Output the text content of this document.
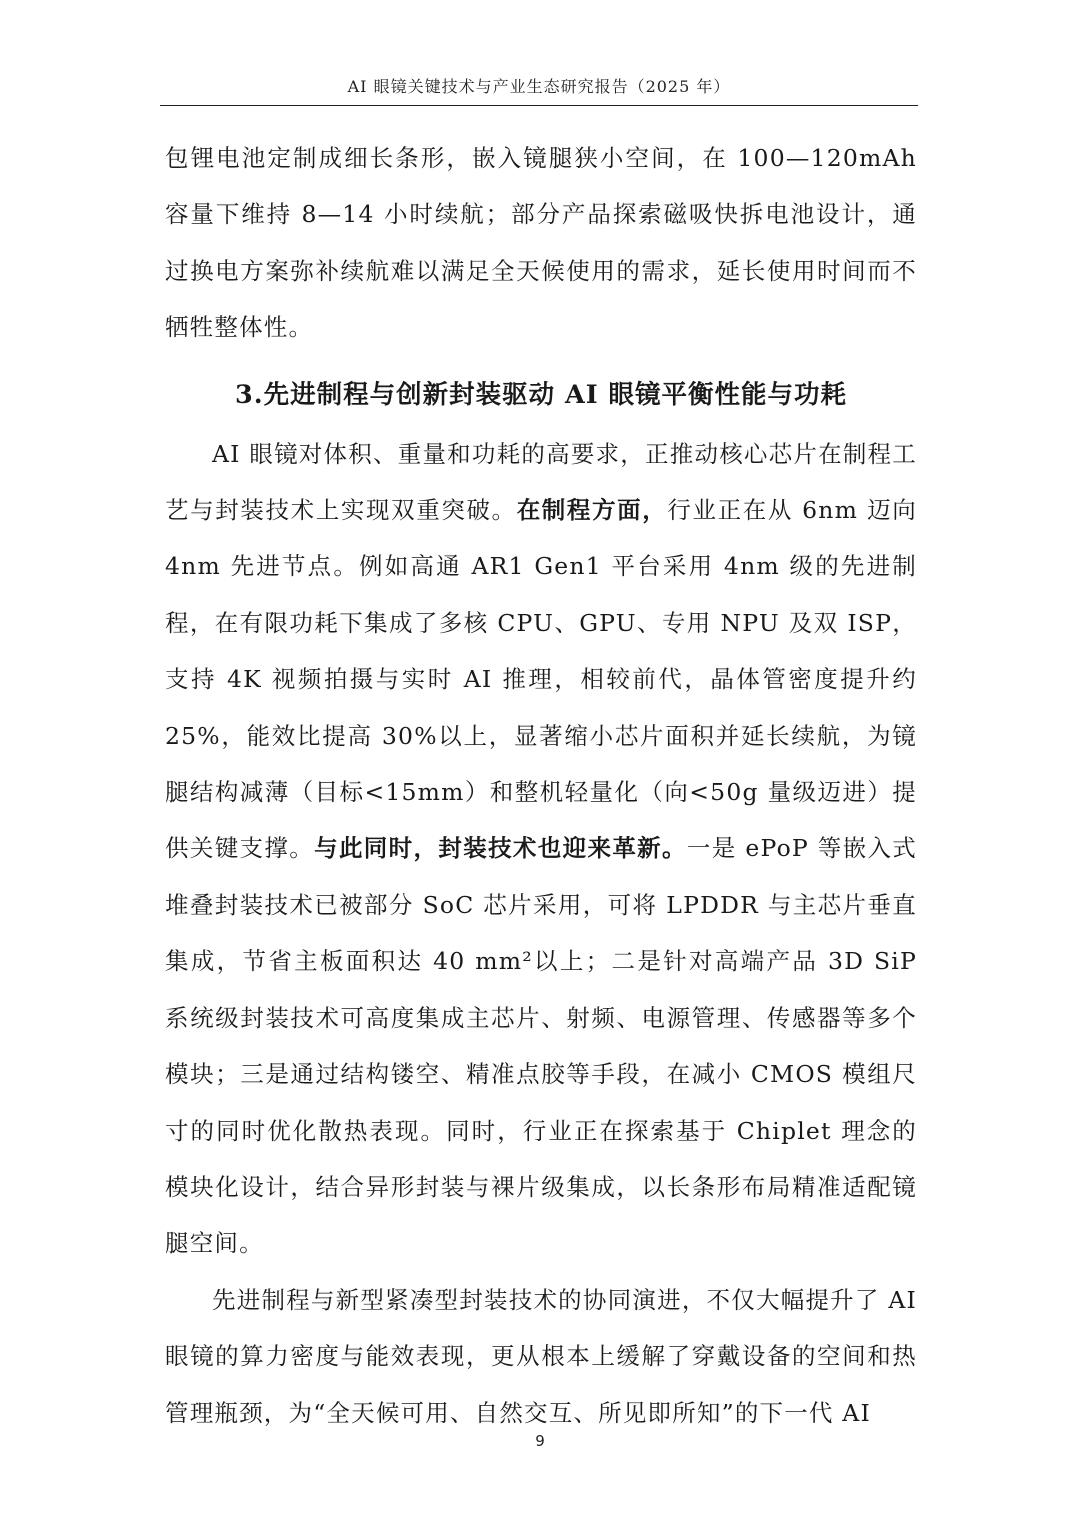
AI 眼镜关键技术与产业生态研究报告（2025 年）

包锂电池定制成细长条形，嵌入镜腿狭小空间，在 100—120mAh 容量下维持 8—14 小时续航；部分产品探索磁吸快拆电池设计，通过换电方案弥补续航难以满足全天候使用的需求，延长使用时间而不牺牲整体性。

3.先进制程与创新封装驱动 AI 眼镜平衡性能与功耗

AI 眼镜对体积、重量和功耗的高要求，正推动核心芯片在制程工艺与封装技术上实现双重突破。在制程方面，行业正在从 6nm 迈向 4nm 先进节点。例如高通 AR1 Gen1 平台采用 4nm 级的先进制程，在有限功耗下集成了多核 CPU、GPU、专用 NPU 及双 ISP，支持 4K 视频拍摄与实时 AI 推理，相较前代，晶体管密度提升约 25%，能效比提高 30%以上，显著缩小芯片面积并延长续航，为镜腿结构减薄（目标<15mm）和整机轻量化（向<50g 量级迈进）提供关键支撑。与此同时，封装技术也迎来革新。一是 ePoP 等嵌入式堆叠封装技术已被部分 SoC 芯片采用，可将 LPDDR 与主芯片垂直集成，节省主板面积达 40 mm²以上；二是针对高端产品 3D SiP 系统级封装技术可高度集成主芯片、射频、电源管理、传感器等多个模块；三是通过结构镂空、精准点胶等手段，在减小 CMOS 模组尺寸的同时优化散热表现。同时，行业正在探索基于 Chiplet 理念的模块化设计，结合异形封装与裸片级集成，以长条形布局精准适配镜腿空间。

先进制程与新型紧凑型封装技术的协同演进，不仅大幅提升了 AI 眼镜的算力密度与能效表现，更从根本上缓解了穿戴设备的空间和热管理瓶颈，为“全天候可用、自然交互、所见即所知”的下一代 AI

9
